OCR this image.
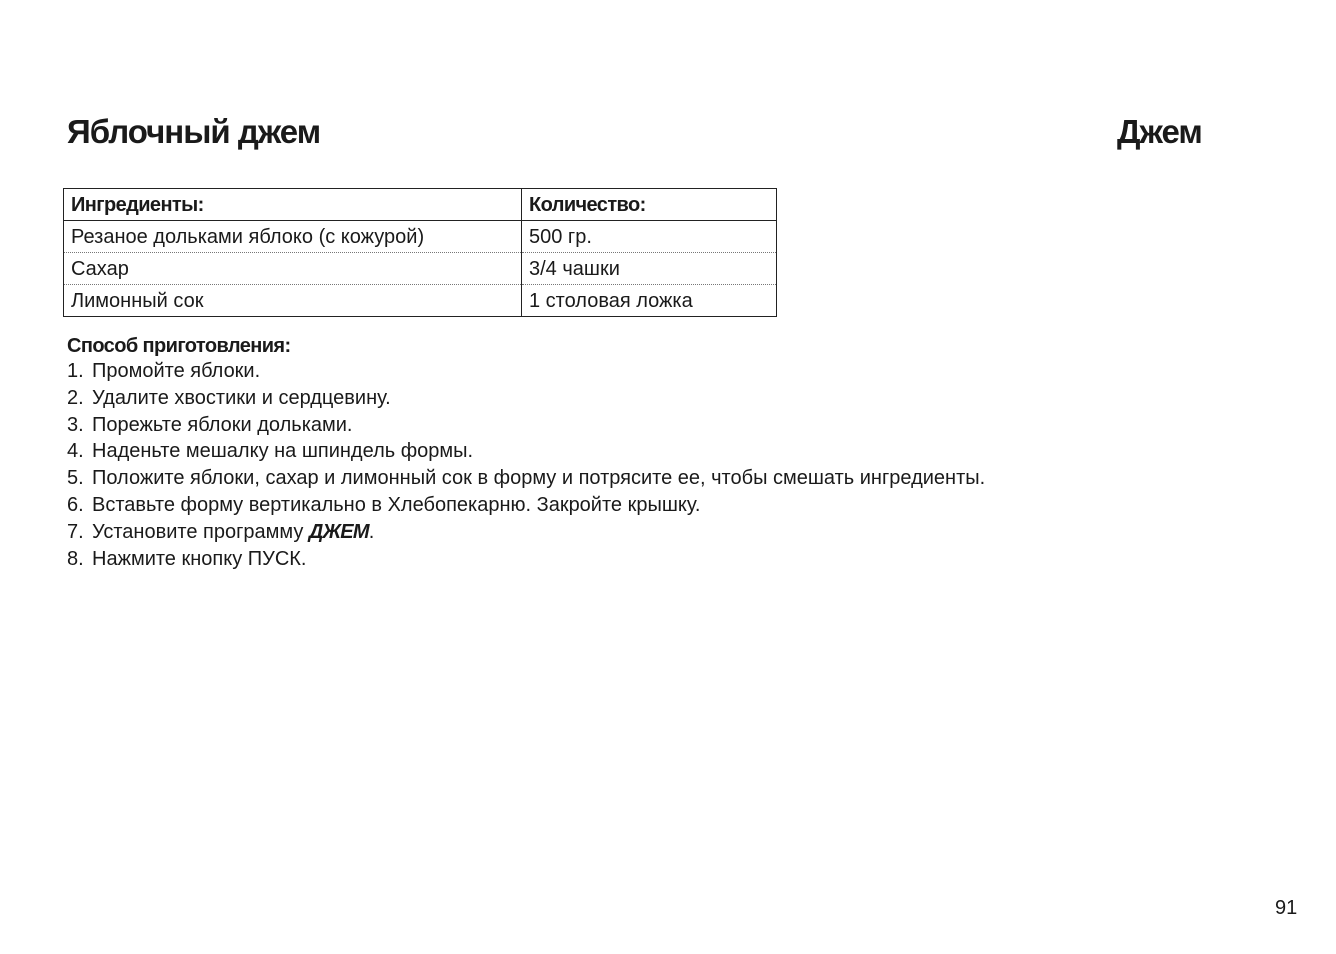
Яблочный джем	Джем
Ингредиенты:	Количество:
Резаное дольками яблоко (с кожурой)	500 гр.
Сахар	3/4 чашки
Лимонный сок	1 столовая ложка
Способ приготовления:
1. Промойте яблоки.
2. Удалите хвостики и сердцевину.
3. Порежьте яблоки дольками.
4. Наденьте мешалку на шпиндель формы.
5. Положите яблоки, сахар и лимонный сок в форму и потрясите ее, чтобы смешать ингредиенты.
6. Вставьте форму вертикально в Хлебопекарню. Закройте крышку.
7. Установите программу ДЖЕМ.
8. Нажмите кнопку ПУСК.
91
